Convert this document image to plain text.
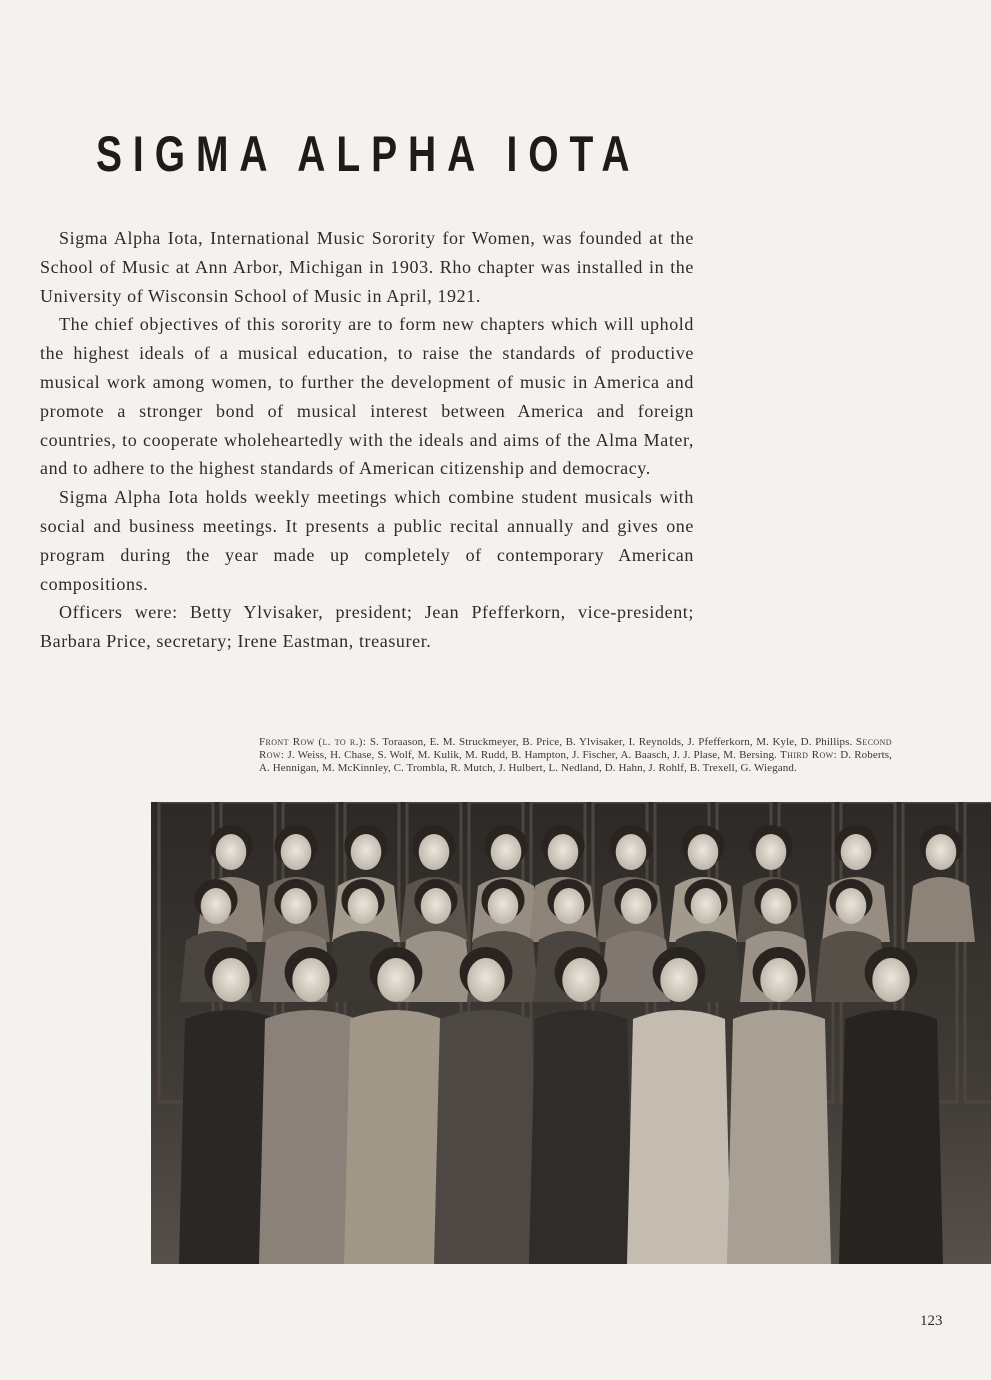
SIGMA ALPHA IOTA

Sigma Alpha Iota, International Music Sorority for Women, was founded at the School of Music at Ann Arbor, Michigan in 1903. Rho chapter was installed in the University of Wisconsin School of Music in April, 1921.

The chief objectives of this sorority are to form new chapters which will uphold the highest ideals of a musical education, to raise the standards of productive musical work among women, to further the development of music in America and promote a stronger bond of musical interest between America and foreign countries, to cooperate wholeheartedly with the ideals and aims of the Alma Mater, and to adhere to the highest standards of American citizenship and democracy.

Sigma Alpha Iota holds weekly meetings which combine student musicals with social and business meetings. It presents a public recital annually and gives one program during the year made up completely of contemporary American compositions.

Officers were: Betty Ylvisaker, president; Jean Pfefferkorn, vice-president; Barbara Price, secretary; Irene Eastman, treasurer.

Front Row (l. to r.): S. Toraason, E. M. Struckmeyer, B. Price, B. Ylvisaker, I. Reynolds, J. Pfefferkorn, M. Kyle, D. Phillips. Second Row: J. Weiss, H. Chase, S. Wolf, M. Kulik, M. Rudd, B. Hampton, J. Fischer, A. Baasch, J. J. Plase, M. Bersing. Third Row: D. Roberts, A. Hennigan, M. McKinnley, C. Trombla, R. Mutch, J. Hulbert, L. Nedland, D. Hahn, J. Rohlf, B. Trexell, G. Wiegand.
123
